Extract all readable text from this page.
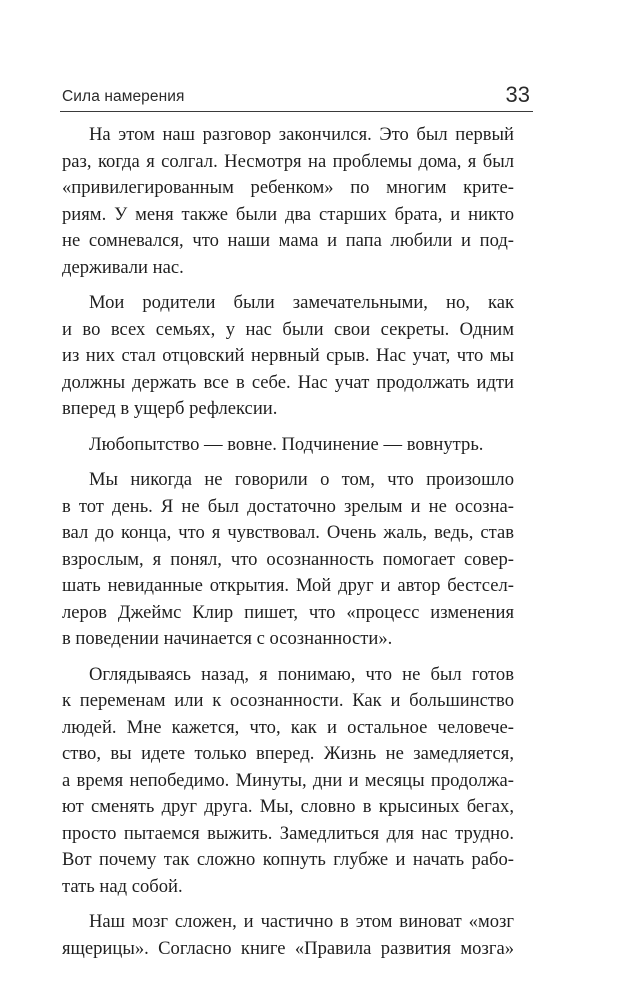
Сила намерения	33
На этом наш разговор закончился. Это был первый
раз, когда я солгал. Несмотря на проблемы дома, я был
«привилегированным ребенком» по многим крите-
риям. У меня также были два старших брата, и никто
не сомневался, что наши мама и папа любили и под-
держивали нас.
Мои родители были замечательными, но, как
и во всех семьях, у нас были свои секреты. Одним
из них стал отцовский нервный срыв. Нас учат, что мы
должны держать все в себе. Нас учат продолжать идти
вперед в ущерб рефлексии.
Любопытство — вовне. Подчинение — вовнутрь.
Мы никогда не говорили о том, что произошло
в тот день. Я не был достаточно зрелым и не осозна-
вал до конца, что я чувствовал. Очень жаль, ведь, став
взрослым, я понял, что осознанность помогает совер-
шать невиданные открытия. Мой друг и автор бестсел-
леров Джеймс Клир пишет, что «процесс изменения
в поведении начинается с осознанности».
Оглядываясь назад, я понимаю, что не был готов
к переменам или к осознанности. Как и большинство
людей. Мне кажется, что, как и остальное человече-
ство, вы идете только вперед. Жизнь не замедляется,
а время непобедимо. Минуты, дни и месяцы продолжа-
ют сменять друг друга. Мы, словно в крысиных бегах,
просто пытаемся выжить. Замедлиться для нас трудно.
Вот почему так сложно копнуть глубже и начать рабо-
тать над собой.
Наш мозг сложен, и частично в этом виноват «мозг
ящерицы». Согласно книге «Правила развития мозга»
